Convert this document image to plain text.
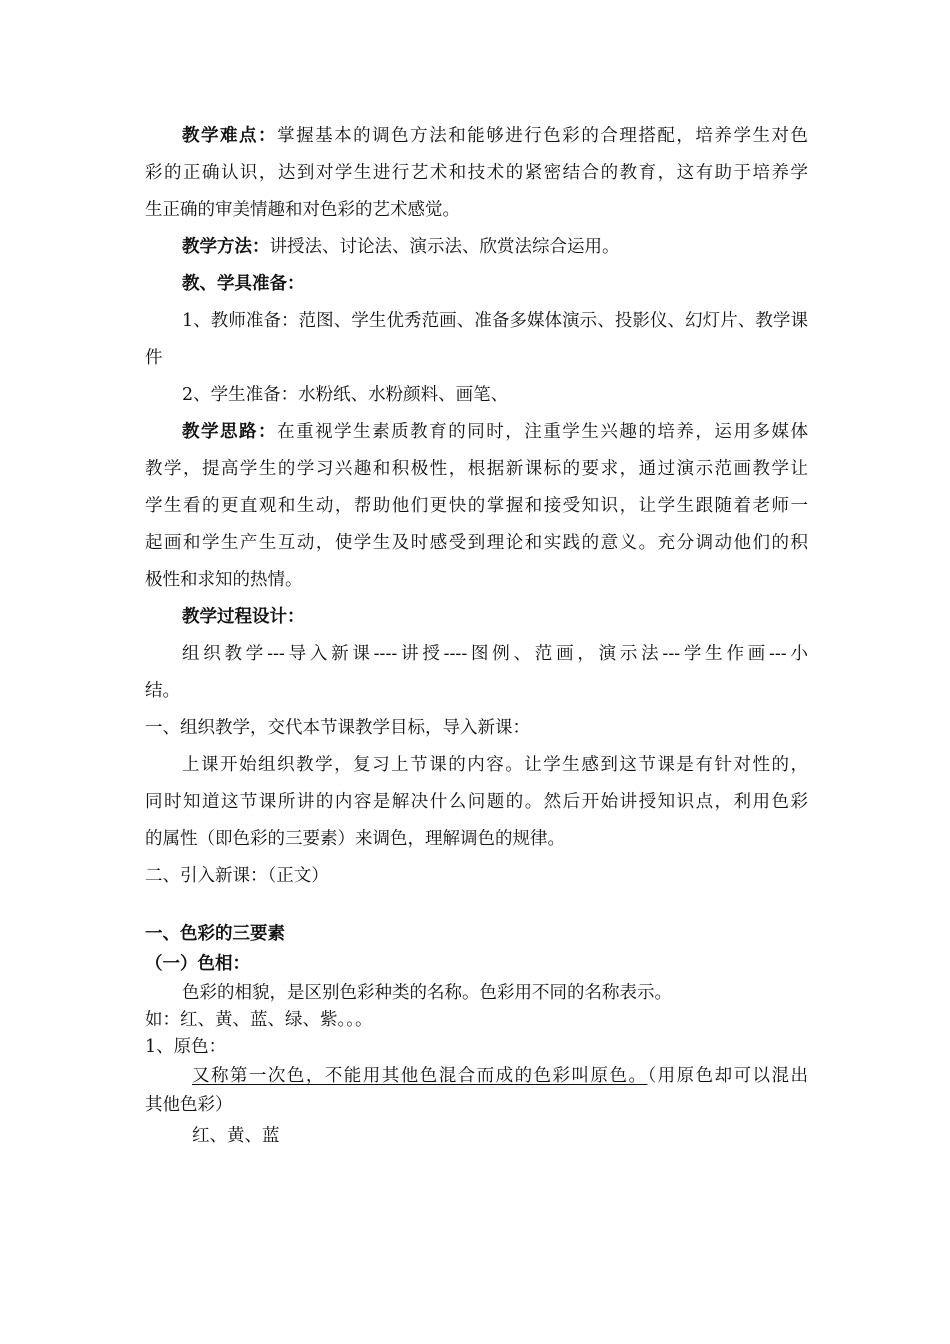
教学难点：掌握基本的调色方法和能够进行色彩的合理搭配，培养学生对色
彩的正确认识，达到对学生进行艺术和技术的紧密结合的教育，这有助于培养学
生正确的审美情趣和对色彩的艺术感觉。
教学方法：讲授法、讨论法、演示法、欣赏法综合运用。
教、学具准备：
1、教师准备：范图、学生优秀范画、准备多媒体演示、投影仪、幻灯片、教学课
件
2、学生准备：水粉纸、水粉颜料、画笔、
教学思路：在重视学生素质教育的同时，注重学生兴趣的培养，运用多媒体
教学，提高学生的学习兴趣和积极性，根据新课标的要求，通过演示范画教学让
学生看的更直观和生动，帮助他们更快的掌握和接受知识，让学生跟随着老师一
起画和学生产生互动，使学生及时感受到理论和实践的意义。充分调动他们的积
极性和求知的热情。
教学过程设计：
组织教学---导入新课----讲授----图例、范画，演示法---学生作画---小
结。
一、组织教学，交代本节课教学目标，导入新课：
上课开始组织教学，复习上节课的内容。让学生感到这节课是有针对性的，
同时知道这节课所讲的内容是解决什么问题的。然后开始讲授知识点，利用色彩
的属性（即色彩的三要素）来调色，理解调色的规律。
二、引入新课：（正文）
一、色彩的三要素
（一）色相：
色彩的相貌，是区别色彩种类的名称。色彩用不同的名称表示。
如：红、黄、蓝、绿、紫。。。
1、原色：
又称第一次色，不能用其他色混合而成的色彩叫原色。（用原色却可以混出
其他色彩）
红、黄、蓝
